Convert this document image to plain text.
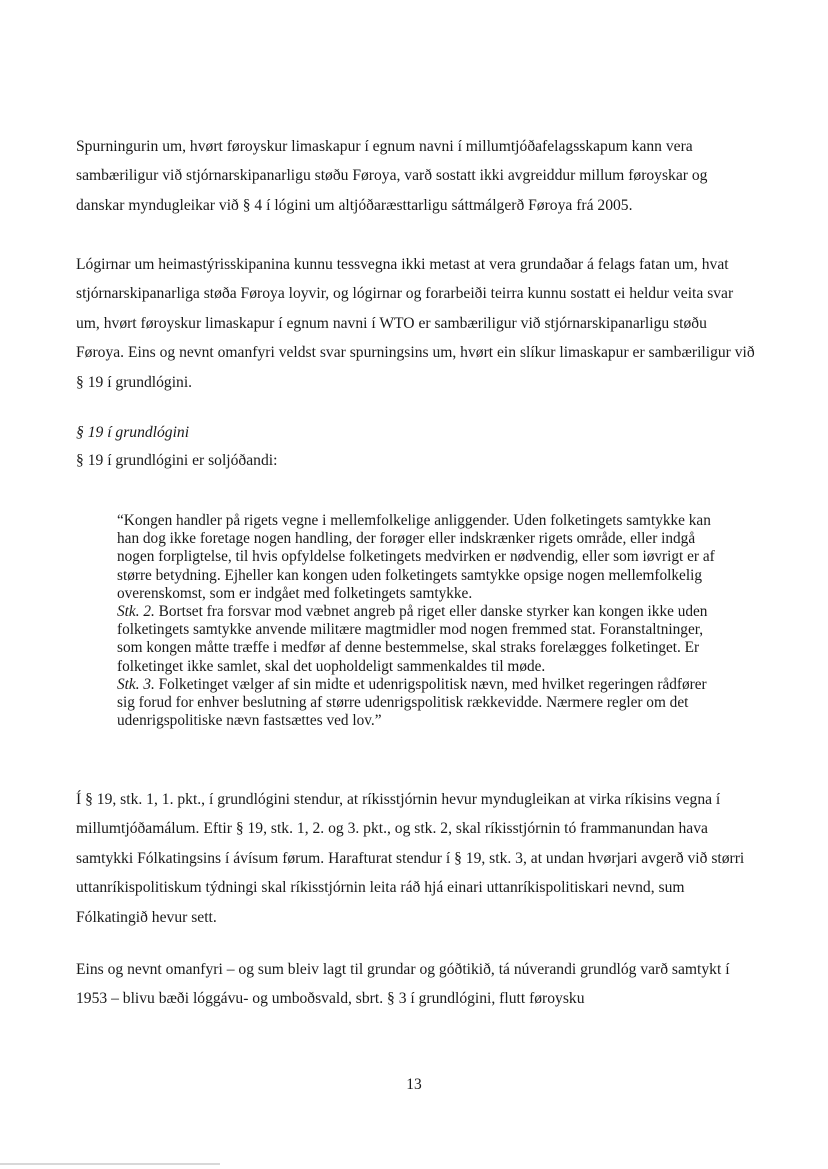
Spurningurin um, hvørt føroyskur limaskapur í egnum navni í millumtjóðafelagsskapum kann vera sambæriligur við stjórnarskipanarligu støðu Føroya, varð sostatt ikki avgreiddur millum føroyskar og danskar myndugleikar við § 4 í lógini um altjóðaræsttarligu sáttmálgerð Føroya frá 2005.

Lógirnar um heimastýrisskipanina kunnu tessvegna ikki metast at vera grundaðar á felags fatan um, hvat stjórnarskipanarliga støða Føroya loyvir, og lógirnar og forarbeiði teirra kunnu sostatt ei heldur veita svar um, hvørt føroyskur limaskapur í egnum navni í WTO er sambæriligur við stjórnarskipanarligu støðu Føroya. Eins og nevnt omanfyri veldst svar spurningsins um, hvørt ein slíkur limaskapur er sambæriligur við § 19 í grundlógini.

§ 19 í grundlógini

§ 19 í grundlógini er soljóðandi:

“Kongen handler på rigets vegne i mellemfolkelige anliggender. Uden folketingets samtykke kan han dog ikke foretage nogen handling, der forøger eller indskrænker rigets område, eller indgå nogen forpligtelse, til hvis opfyldelse folketingets medvirken er nødvendig, eller som iøvrigt er af større betydning. Ejheller kan kongen uden folketingets samtykke opsige nogen mellemfolkelig overenskomst, som er indgået med folketingets samtykke.
Stk. 2. Bortset fra forsvar mod væbnet angreb på riget eller danske styrker kan kongen ikke uden folketingets samtykke anvende militære magtmidler mod nogen fremmed stat. Foranstaltninger, som kongen måtte træffe i medfør af denne bestemmelse, skal straks forelægges folketinget. Er folketinget ikke samlet, skal det uopholdeligt sammenkaldes til møde.
Stk. 3. Folketinget vælger af sin midte et udenrigspolitisk nævn, med hvilket regeringen rådfører sig forud for enhver beslutning af større udenrigspolitisk rækkevidde. Nærmere regler om det udenrigspolitiske nævn fastsættes ved lov.”

Í § 19, stk. 1, 1. pkt., í grundlógini stendur, at ríkisstjórnin hevur myndugleikan at virka ríkisins vegna í millumtjóðamálum. Eftir § 19, stk. 1, 2. og 3. pkt., og stk. 2, skal ríkisstjórnin tó frammanundan hava samtykki Fólkatingsins í ávísum førum. Harafturat stendur í § 19, stk. 3, at undan hvørjari avgerð við størri uttanríkispolitiskum týdningi skal ríkisstjórnin leita ráð hjá einari uttanríkispolitiskari nevnd, sum Fólkatingið hevur sett.

Eins og nevnt omanfyri – og sum bleiv lagt til grundar og góðtikið, tá núverandi grundlóg varð samtykt í 1953 – blivu bæði lóggávu- og umboðsvald, sbrt. § 3 í grundlógini, flutt føroysku

13
